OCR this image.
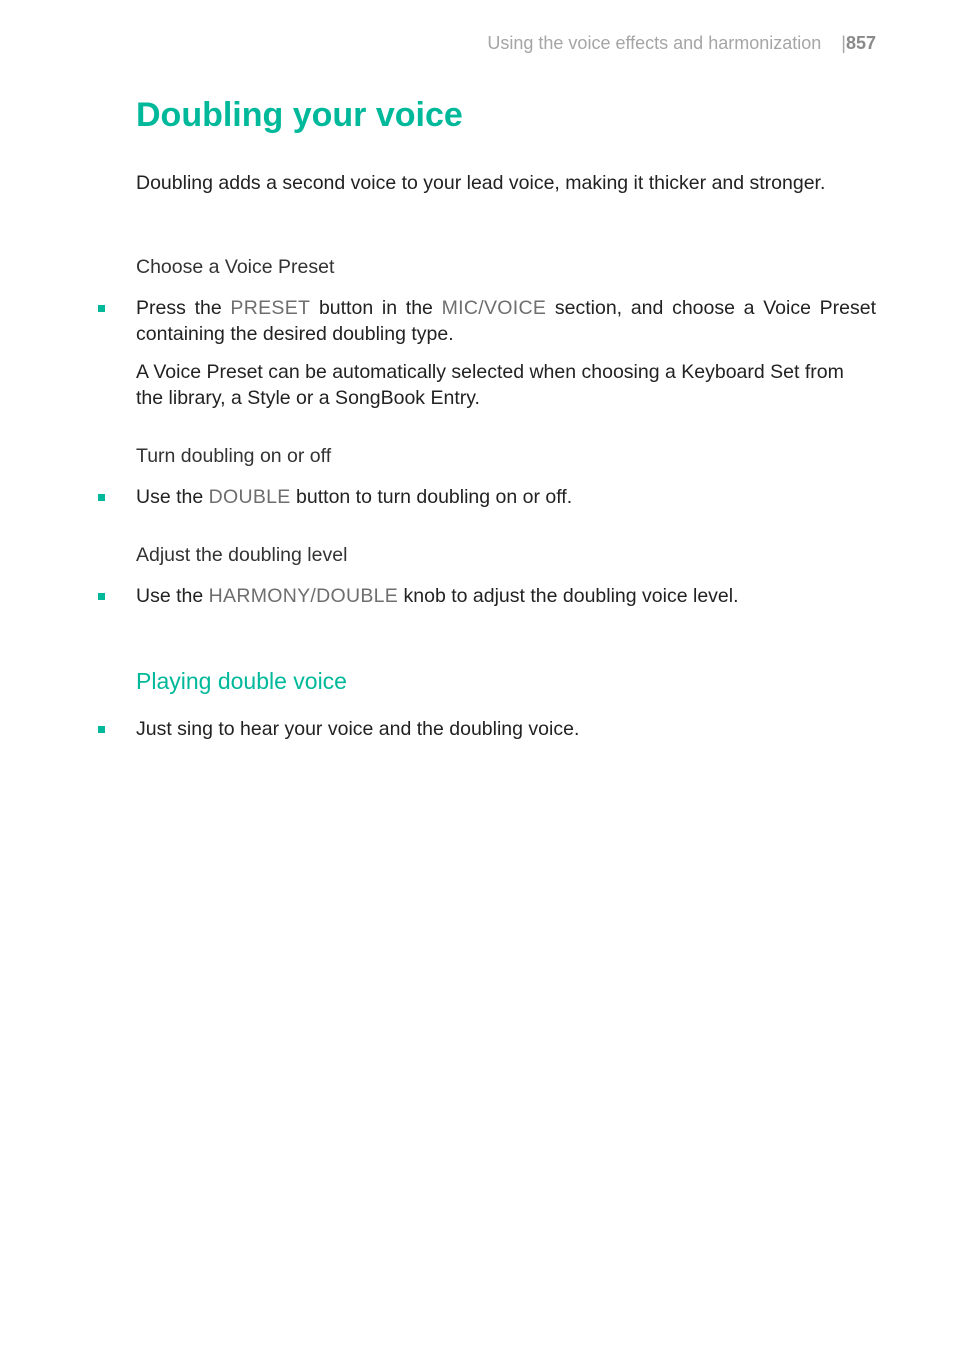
Using the voice effects and harmonization |857
Doubling your voice

Doubling adds a second voice to your lead voice, making it thicker and stronger.

Choose a Voice Preset

Press the PRESET button in the MIC/VOICE section, and choose a Voice Preset containing the desired doubling type.

A Voice Preset can be automatically selected when choosing a Keyboard Set from the library, a Style or a SongBook Entry.

Turn doubling on or off

Use the DOUBLE button to turn doubling on or off.

Adjust the doubling level

Use the HARMONY/DOUBLE knob to adjust the doubling voice level.

Playing double voice

Just sing to hear your voice and the doubling voice.
